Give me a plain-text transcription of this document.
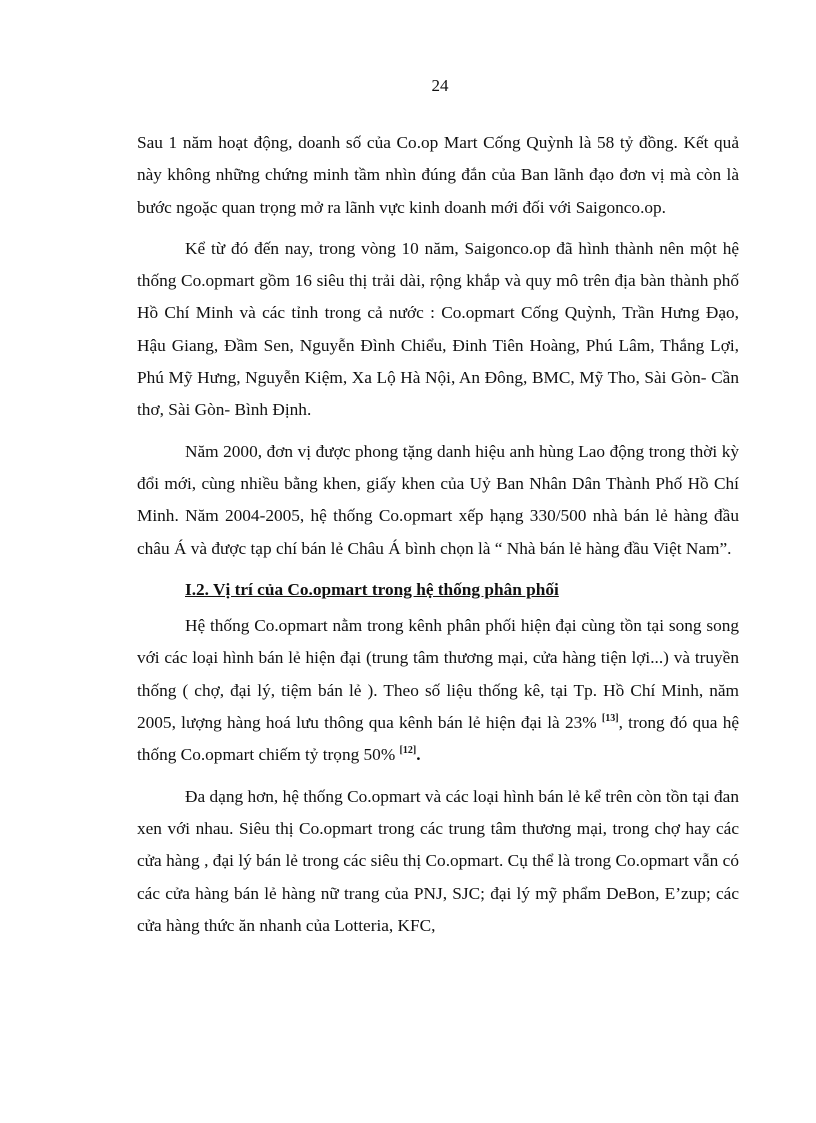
24

Sau 1 năm hoạt động, doanh số của Co.op Mart Cống Quỳnh là 58 tỷ đồng. Kết quả này không những chứng minh tầm nhìn đúng đắn của Ban lãnh đạo đơn vị mà còn là bước ngoặc quan trọng mở ra lãnh vực kinh doanh mới đối với Saigonco.op.

Kể từ đó đến nay, trong vòng 10 năm, Saigonco.op đã hình thành nên một hệ thống Co.opmart gồm 16 siêu thị trải dài, rộng khắp và quy mô trên địa bàn thành phố Hồ Chí Minh và các tỉnh trong cả nước : Co.opmart Cống Quỳnh, Trần Hưng Đạo, Hậu Giang, Đầm Sen, Nguyễn Đình Chiểu, Đinh Tiên Hoàng, Phú Lâm, Thắng Lợi, Phú Mỹ Hưng, Nguyễn Kiệm, Xa Lộ Hà Nội, An Đông, BMC, Mỹ Tho, Sài Gòn- Cần thơ, Sài Gòn- Bình Định.

Năm 2000, đơn vị được phong tặng danh hiệu anh hùng Lao động trong thời kỳ đổi mới, cùng nhiều bằng khen, giấy khen của Uỷ Ban Nhân Dân Thành Phố Hồ Chí Minh. Năm 2004-2005, hệ thống Co.opmart xếp hạng 330/500 nhà bán lẻ hàng đầu châu Á và được tạp chí bán lẻ Châu Á bình chọn là “ Nhà bán lẻ hàng đầu Việt Nam”.

I.2. Vị trí của Co.opmart trong hệ thống phân phối

Hệ thống Co.opmart nằm trong kênh phân phối hiện đại cùng tồn tại song song với các loại hình bán lẻ hiện đại (trung tâm thương mại, cửa hàng tiện lợi...) và truyền thống ( chợ, đại lý, tiệm bán lẻ ). Theo số liệu thống kê, tại Tp. Hồ Chí Minh, năm 2005, lượng hàng hoá lưu thông qua kênh bán lẻ hiện đại là 23% [13], trong đó qua hệ thống Co.opmart chiếm tỷ trọng 50% [12].

Đa dạng hơn, hệ thống Co.opmart và các loại hình bán lẻ kể trên còn tồn tại đan xen với nhau. Siêu thị Co.opmart trong các trung tâm thương mại, trong chợ hay các cửa hàng , đại lý bán lẻ trong các siêu thị Co.opmart. Cụ thể là trong Co.opmart vẫn có các cửa hàng bán lẻ hàng nữ trang của PNJ, SJC; đại lý mỹ phẩm DeBon, E’zup; các cửa hàng thức ăn nhanh của Lotteria, KFC,
